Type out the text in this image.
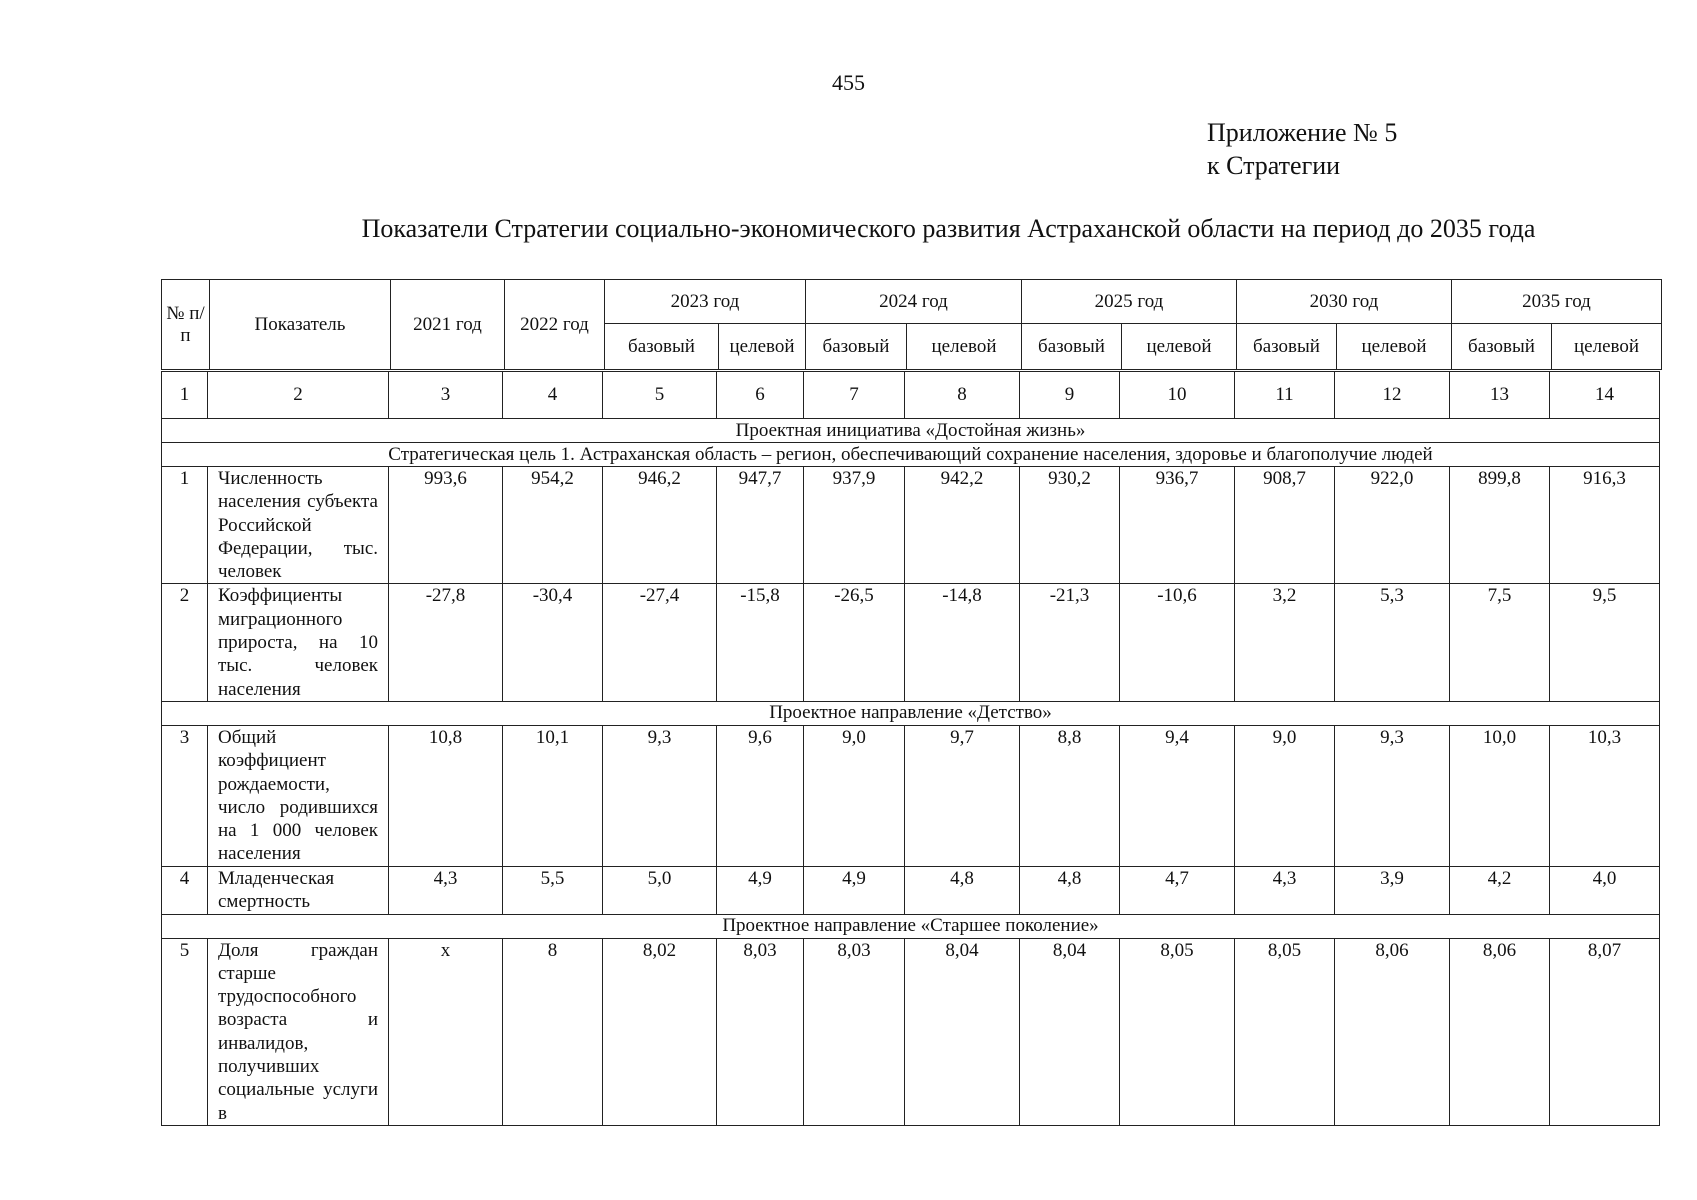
455
Приложение № 5
к Стратегии
Показатели Стратегии социально-экономического развития Астраханской области на период до 2035 года
№ п/п	Показатель	2021 год	2022 год	2023 год		2024 год		2025 год		2030 год		2035 год	
				базовый	целевой	базовый	целевой	базовый	целевой	базовый	целевой	базовый	целевой
1	2	3	4	5	6	7	8	9	10	11	12	13	14
Проектная инициатива «Достойная жизнь»													
Стратегическая цель 1. Астраханская область – регион, обеспечивающий сохранение населения, здоровье и благополучие людей													
1	Численность населения субъекта Российской Федерации, тыс. человек	993,6	954,2	946,2	947,7	937,9	942,2	930,2	936,7	908,7	922,0	899,8	916,3
2	Коэффициенты миграционного прироста, на 10 тыс. человек населения	-27,8	-30,4	-27,4	-15,8	-26,5	-14,8	-21,3	-10,6	3,2	5,3	7,5	9,5
Проектное направление «Детство»													
3	Общий коэффициент рождаемости, число родившихся на 1 000 человек населения	10,8	10,1	9,3	9,6	9,0	9,7	8,8	9,4	9,0	9,3	10,0	10,3
4	Младенческая смертность	4,3	5,5	5,0	4,9	4,9	4,8	4,8	4,7	4,3	3,9	4,2	4,0
Проектное направление «Старшее поколение»													
5	Доля граждан старше трудоспособного возраста и инвалидов, получивших социальные услуги в	х	8	8,02	8,03	8,03	8,04	8,04	8,05	8,05	8,06	8,06	8,07
